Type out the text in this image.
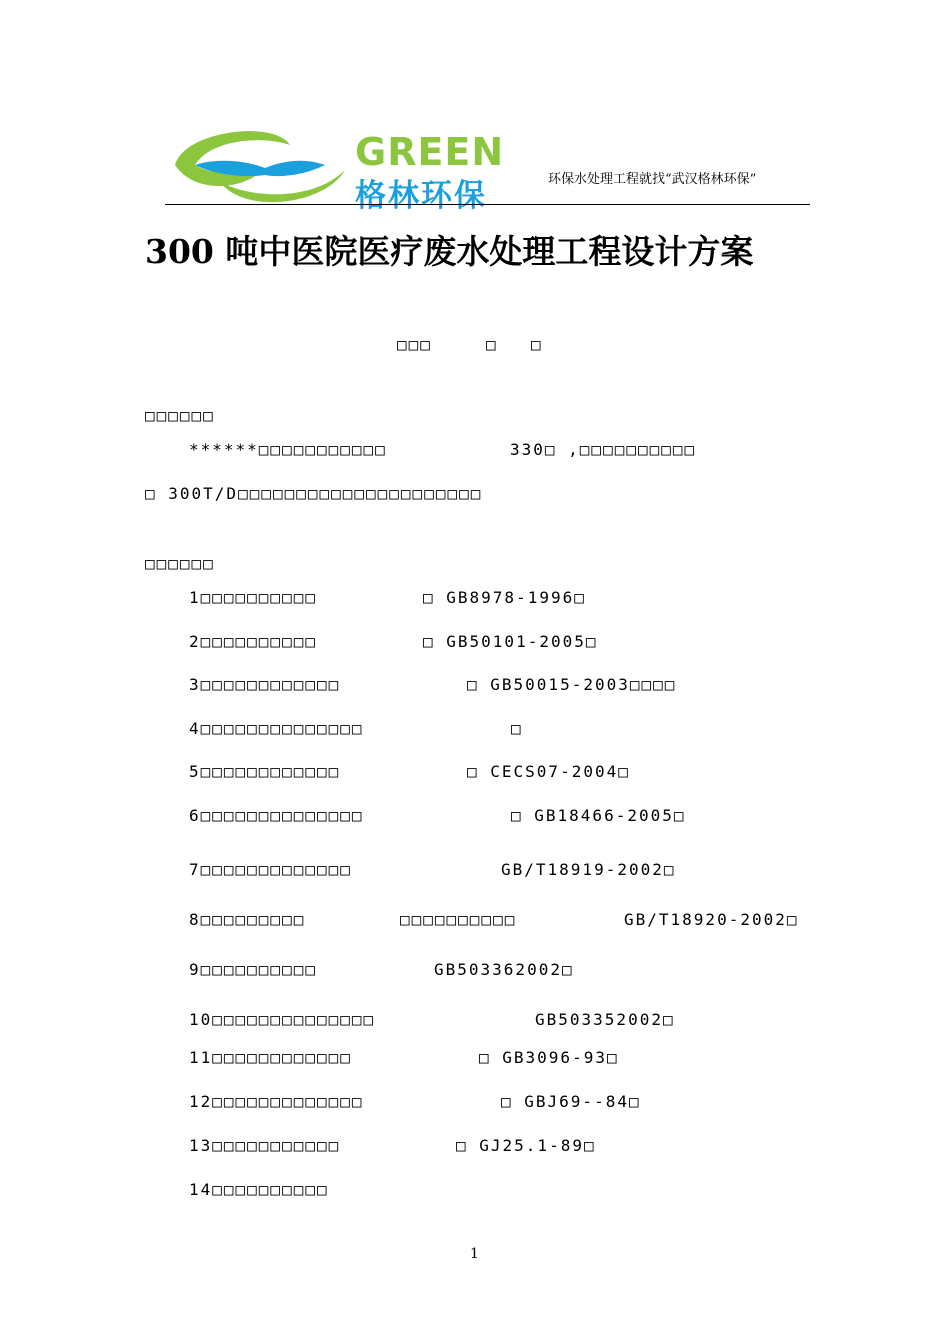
GREEN
格林环保	环保水处理工程就找“武汉格林环保”
300 吨中医院医疗废水处理工程设计方案
□□□	□ □
□□□□□□
******□□□□□□□□□□□	330□ ,□□□□□□□□□□
□ 300T/D□□□□□□□□□□□□□□□□□□□□□
□□□□□□
1□□□□□□□□□□	□ GB8978-1996□
2□□□□□□□□□□	□ GB50101-2005□
3□□□□□□□□□□□□	□ GB50015-2003□□□□
4□□□□□□□□□□□□□□	□
5□□□□□□□□□□□□	□ CECS07-2004□
6□□□□□□□□□□□□□□	□ GB18466-2005□
7□□□□□□□□□□□□□	GB/T18919-2002□
8□□□□□□□□□	□□□□□□□□□□	GB/T18920-2002□
9□□□□□□□□□□	GB503362002□
10□□□□□□□□□□□□□□	GB503352002□
11□□□□□□□□□□□□	□ GB3096-93□
12□□□□□□□□□□□□□	□ GBJ69--84□
13□□□□□□□□□□□	□ GJ25.1-89□
14□□□□□□□□□□
1
